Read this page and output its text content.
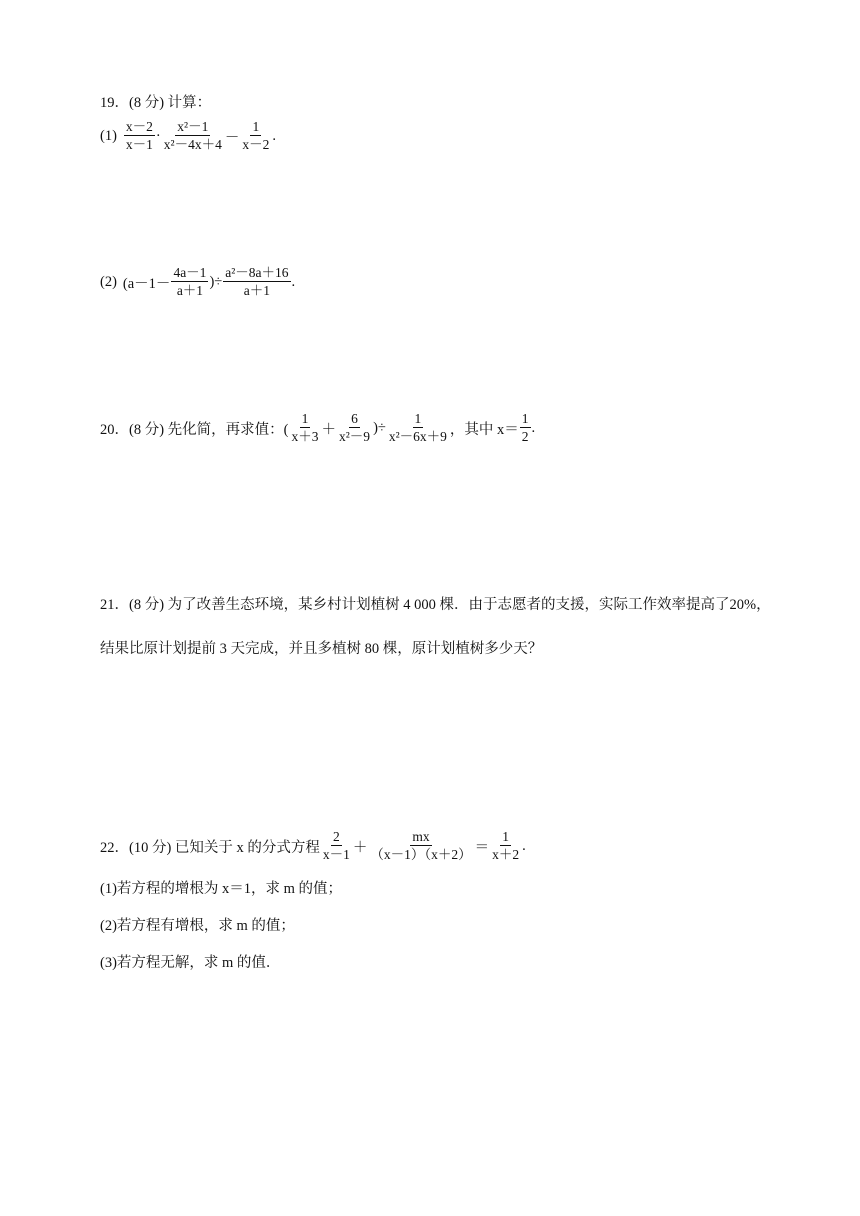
19．(8 分) 计算：
$(1) \frac{x-2}{x-1} \cdot \frac{\text{x²－1}}{\text{x²－4x＋4}} - \frac{1}{x-2}$ .
(2) ($a-1- \frac{4a-1}{a+1}$ )÷ $\frac{\text{a²－8a＋16}}{a+1}$ .
20．(8 分) 先化简，再求值：( $\frac{1}{x+3} + \frac{6}{\text{x²－9}}$ )÷ $\frac{1}{\text{x²－6x＋9}}$ ，其中 $x= \frac{1}{2}$ .
21．(8 分) 为了改善生态环境，某乡村计划植树 4 000 棵．由于志愿者的支援，实际工作效率提高了20%，结果比原计划提前 3 天完成，并且多植树 80 棵，原计划植树多少天？
22．(10 分) 已知关于 x 的分式方程 $\frac{2}{x-1} + \frac{mx}{(x-1)(x+2)} = \frac{1}{x+2}$ .
(1)若方程的增根为 x＝1，求 m 的值；
(2)若方程有增根，求 m 的值；
(3)若方程无解，求 m 的值．
